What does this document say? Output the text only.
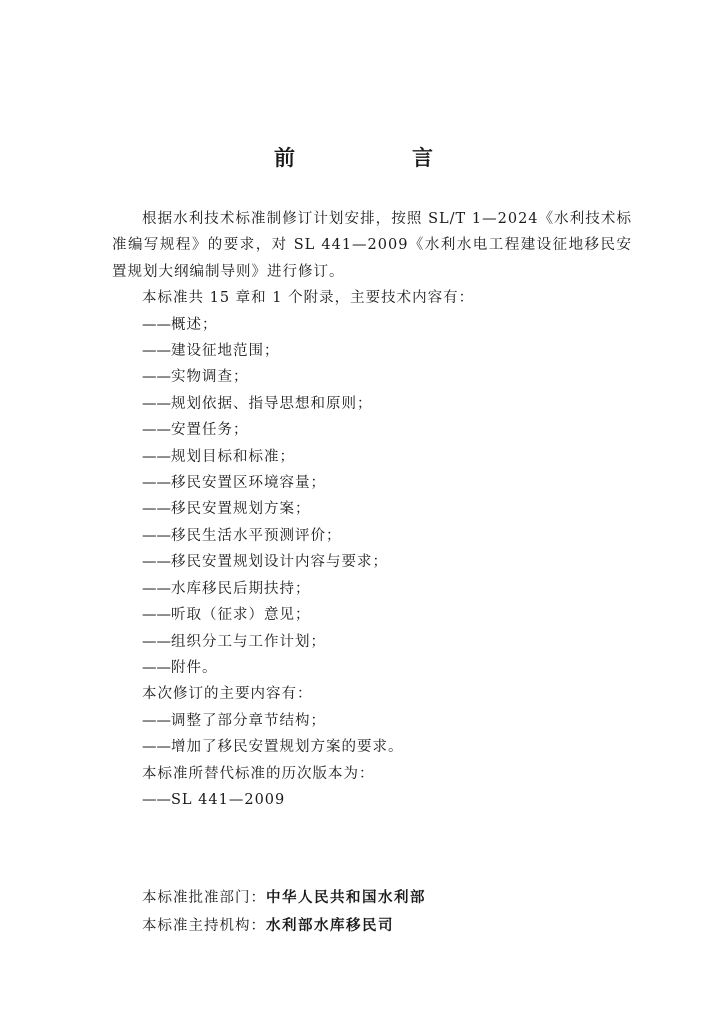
前　言

根据水利技术标准制修订计划安排，按照 SL/T 1—2024《水利技术标准编写规程》的要求，对 SL 441—2009《水利水电工程建设征地移民安置规划大纲编制导则》进行修订。

本标准共 15 章和 1 个附录，主要技术内容有：

——概述；

——建设征地范围；

——实物调查；

——规划依据、指导思想和原则；

——安置任务；

——规划目标和标准；

——移民安置区环境容量；

——移民安置规划方案；

——移民生活水平预测评价；

——移民安置规划设计内容与要求；

——水库移民后期扶持；

——听取（征求）意见；

——组织分工与工作计划；

——附件。

本次修订的主要内容有：

——调整了部分章节结构；

——增加了移民安置规划方案的要求。

本标准所替代标准的历次版本为：

——SL 441—2009

本标准批准部门：中华人民共和国水利部
本标准主持机构：水利部水库移民司
